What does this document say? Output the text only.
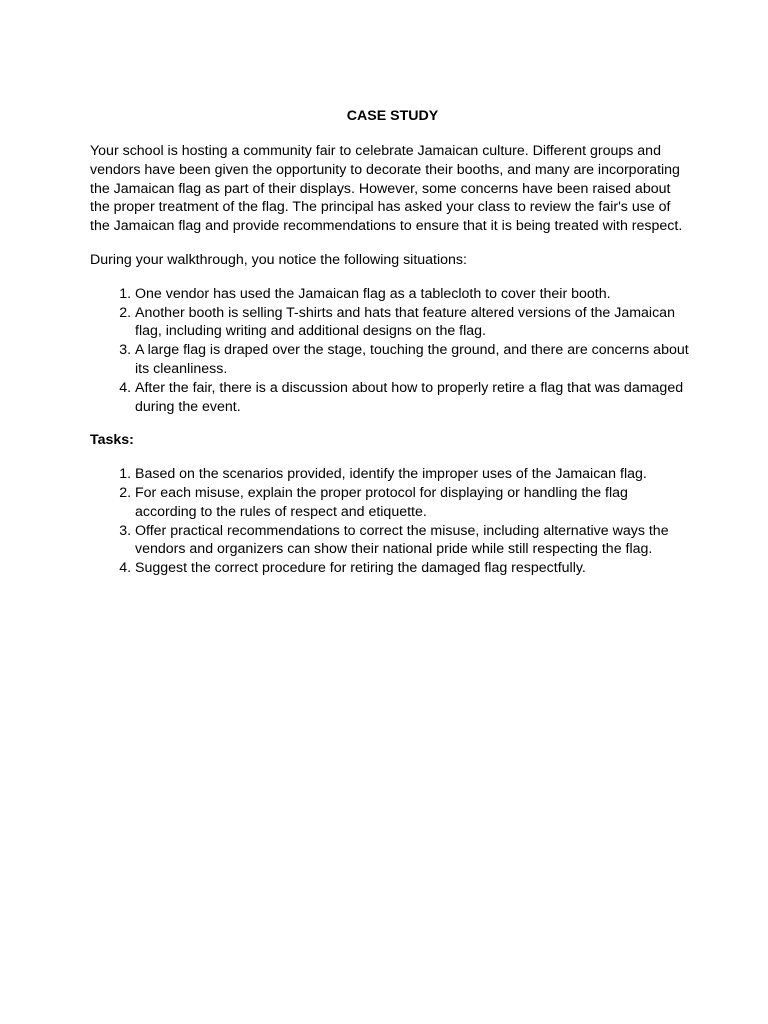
CASE STUDY

Your school is hosting a community fair to celebrate Jamaican culture. Different groups and vendors have been given the opportunity to decorate their booths, and many are incorporating the Jamaican flag as part of their displays. However, some concerns have been raised about the proper treatment of the flag. The principal has asked your class to review the fair's use of the Jamaican flag and provide recommendations to ensure that it is being treated with respect.

During your walkthrough, you notice the following situations:

1. One vendor has used the Jamaican flag as a tablecloth to cover their booth.
2. Another booth is selling T-shirts and hats that feature altered versions of the Jamaican flag, including writing and additional designs on the flag.
3. A large flag is draped over the stage, touching the ground, and there are concerns about its cleanliness.
4. After the fair, there is a discussion about how to properly retire a flag that was damaged during the event.

Tasks:

1. Based on the scenarios provided, identify the improper uses of the Jamaican flag.
2. For each misuse, explain the proper protocol for displaying or handling the flag according to the rules of respect and etiquette.
3. Offer practical recommendations to correct the misuse, including alternative ways the vendors and organizers can show their national pride while still respecting the flag.
4. Suggest the correct procedure for retiring the damaged flag respectfully.
